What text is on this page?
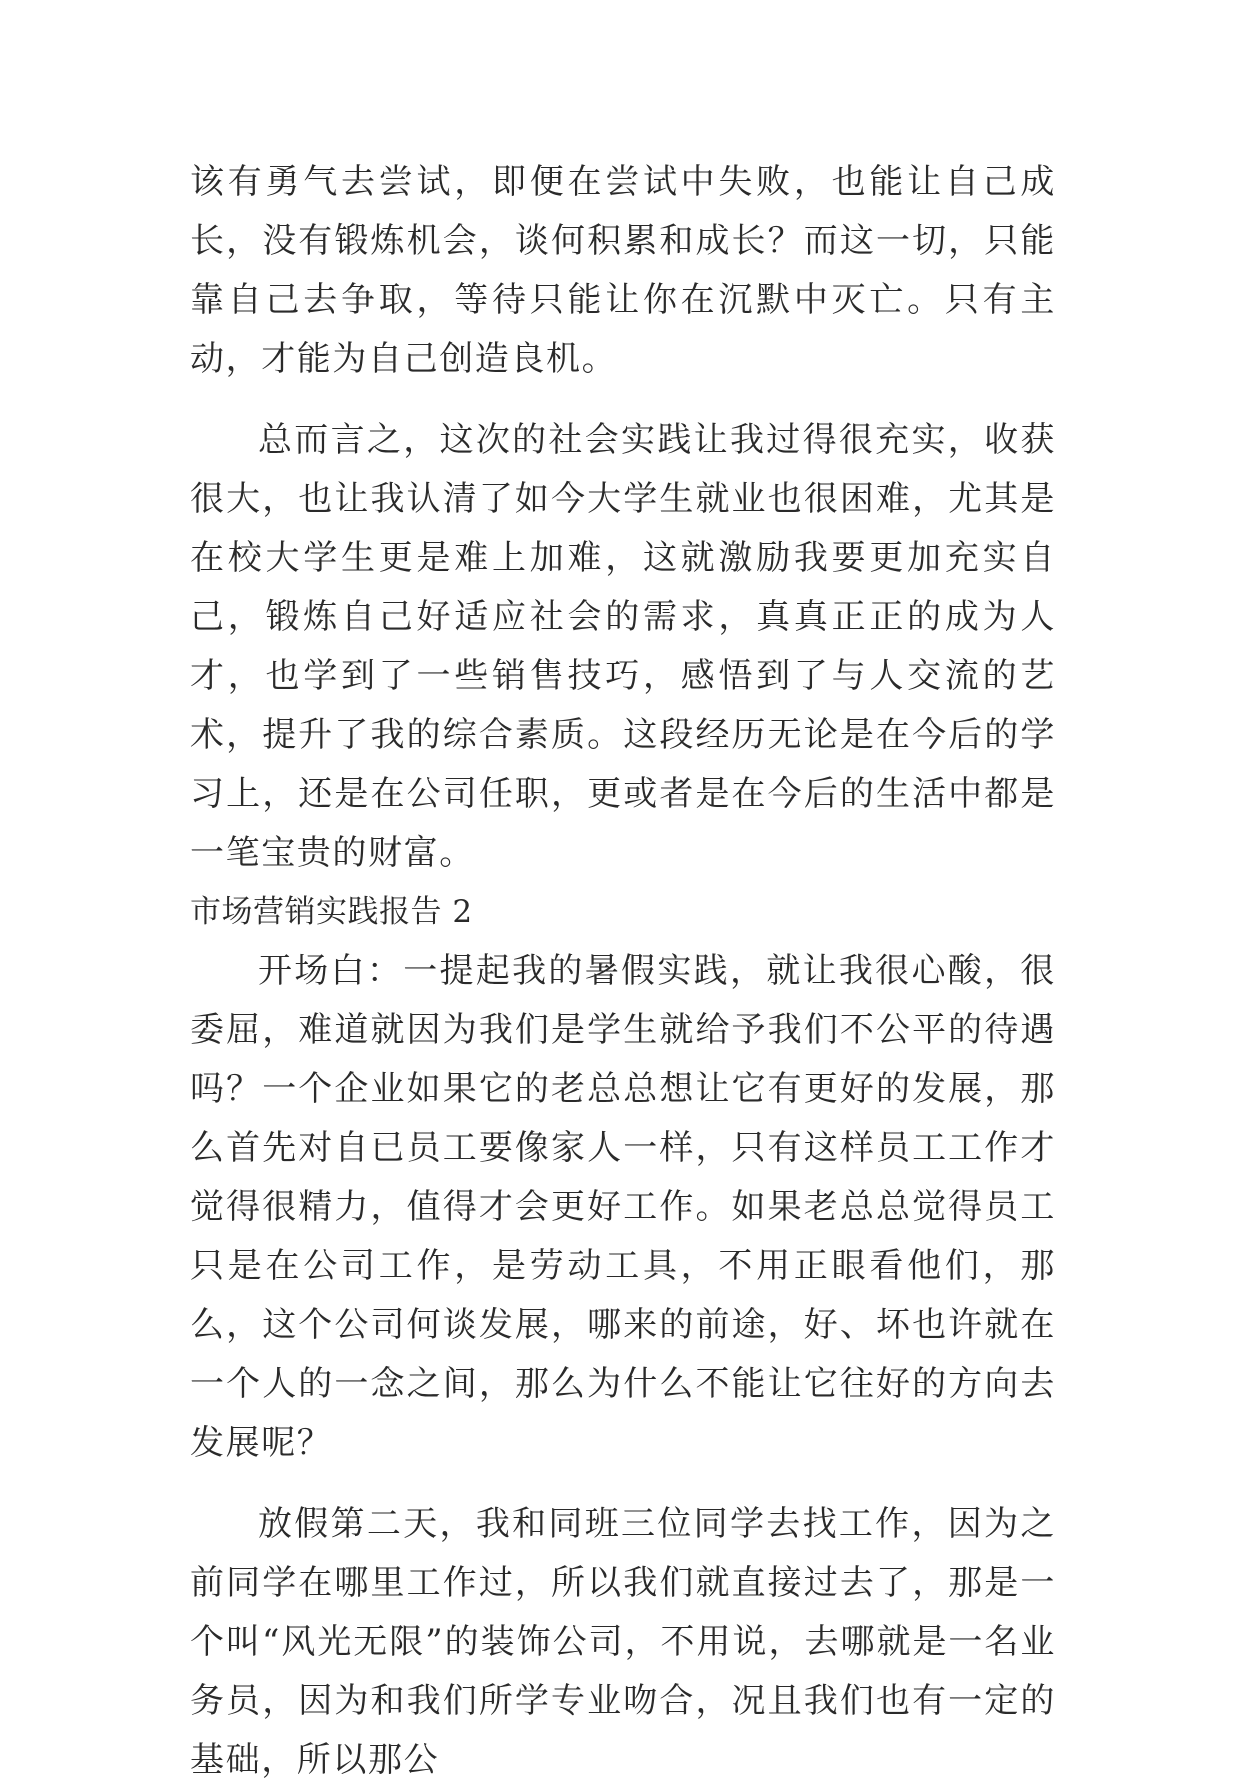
该有勇气去尝试，即便在尝试中失败，也能让自己成长，没有锻炼机会，谈何积累和成长？而这一切，只能靠自己去争取，等待只能让你在沉默中灭亡。只有主动，才能为自己创造良机。

总而言之，这次的社会实践让我过得很充实，收获很大，也让我认清了如今大学生就业也很困难，尤其是在校大学生更是难上加难，这就激励我要更加充实自己，锻炼自己好适应社会的需求，真真正正的成为人才，也学到了一些销售技巧，感悟到了与人交流的艺术，提升了我的综合素质。这段经历无论是在今后的学习上，还是在公司任职，更或者是在今后的生活中都是一笔宝贵的财富。

市场营销实践报告 2

开场白：一提起我的暑假实践，就让我很心酸，很委屈，难道就因为我们是学生就给予我们不公平的待遇吗？一个企业如果它的老总总想让它有更好的发展，那么首先对自已员工要像家人一样，只有这样员工工作才觉得很精力，值得才会更好工作。如果老总总觉得员工只是在公司工作，是劳动工具，不用正眼看他们，那么，这个公司何谈发展，哪来的前途，好、坏也许就在一个人的一念之间，那么为什么不能让它往好的方向去发展呢？

放假第二天，我和同班三位同学去找工作，因为之前同学在哪里工作过，所以我们就直接过去了，那是一个叫“风光无限”的装饰公司，不用说，去哪就是一名业务员，因为和我们所学专业吻合，况且我们也有一定的基础，所以那公
